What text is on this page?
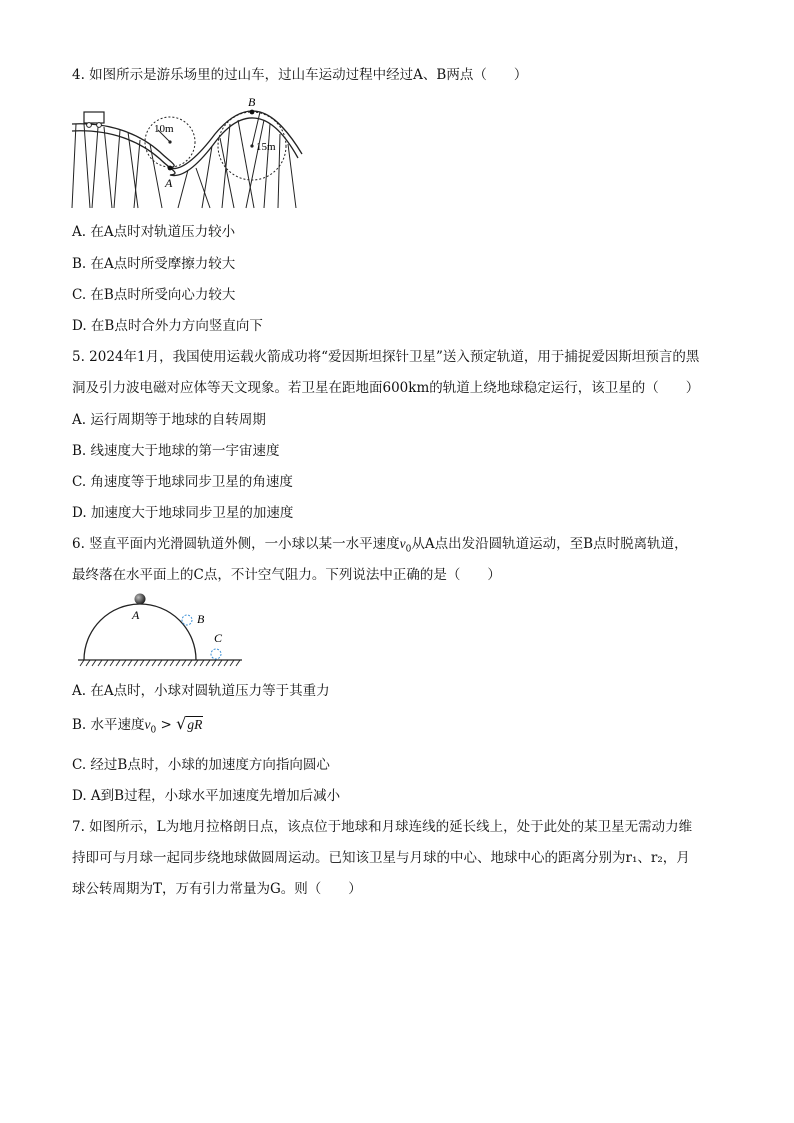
4. 如图所示是游乐场里的过山车，过山车运动过程中经过A、B两点（　　）
10m
15m
A
B
A. 在A点时对轨道压力较小
B. 在A点时所受摩擦力较大
C. 在B点时所受向心力较大
D. 在B点时合外力方向竖直向下
5. 2024年1月，我国使用运载火箭成功将“爱因斯坦探针卫星”送入预定轨道，用于捕捉爱因斯坦预言的黑
洞及引力波电磁对应体等天文现象。若卫星在距地面600km的轨道上绕地球稳定运行，该卫星的（　　）
A. 运行周期等于地球的自转周期
B. 线速度大于地球的第一宇宙速度
C. 角速度等于地球同步卫星的角速度
D. 加速度大于地球同步卫星的加速度
6. 竖直平面内光滑圆轨道外侧，一小球以某一水平速度$v_0$从A点出发沿圆轨道运动，至B点时脱离轨道，
最终落在水平面上的C点，不计空气阻力。下列说法中正确的是（　　）
A	B
C
A. 在A点时，小球对圆轨道压力等于其重力
B. 水平速度$v_0 > √gR$
C. 经过B点时，小球的加速度方向指向圆心
D. A到B过程，小球水平加速度先增加后减小
7. 如图所示，L为地月拉格朗日点，该点位于地球和月球连线的延长线上，处于此处的某卫星无需动力维
持即可与月球一起同步绕地球做圆周运动。已知该卫星与月球的中心、地球中心的距离分别为r₁、r₂，月
球公转周期为T，万有引力常量为G。则（　　）
